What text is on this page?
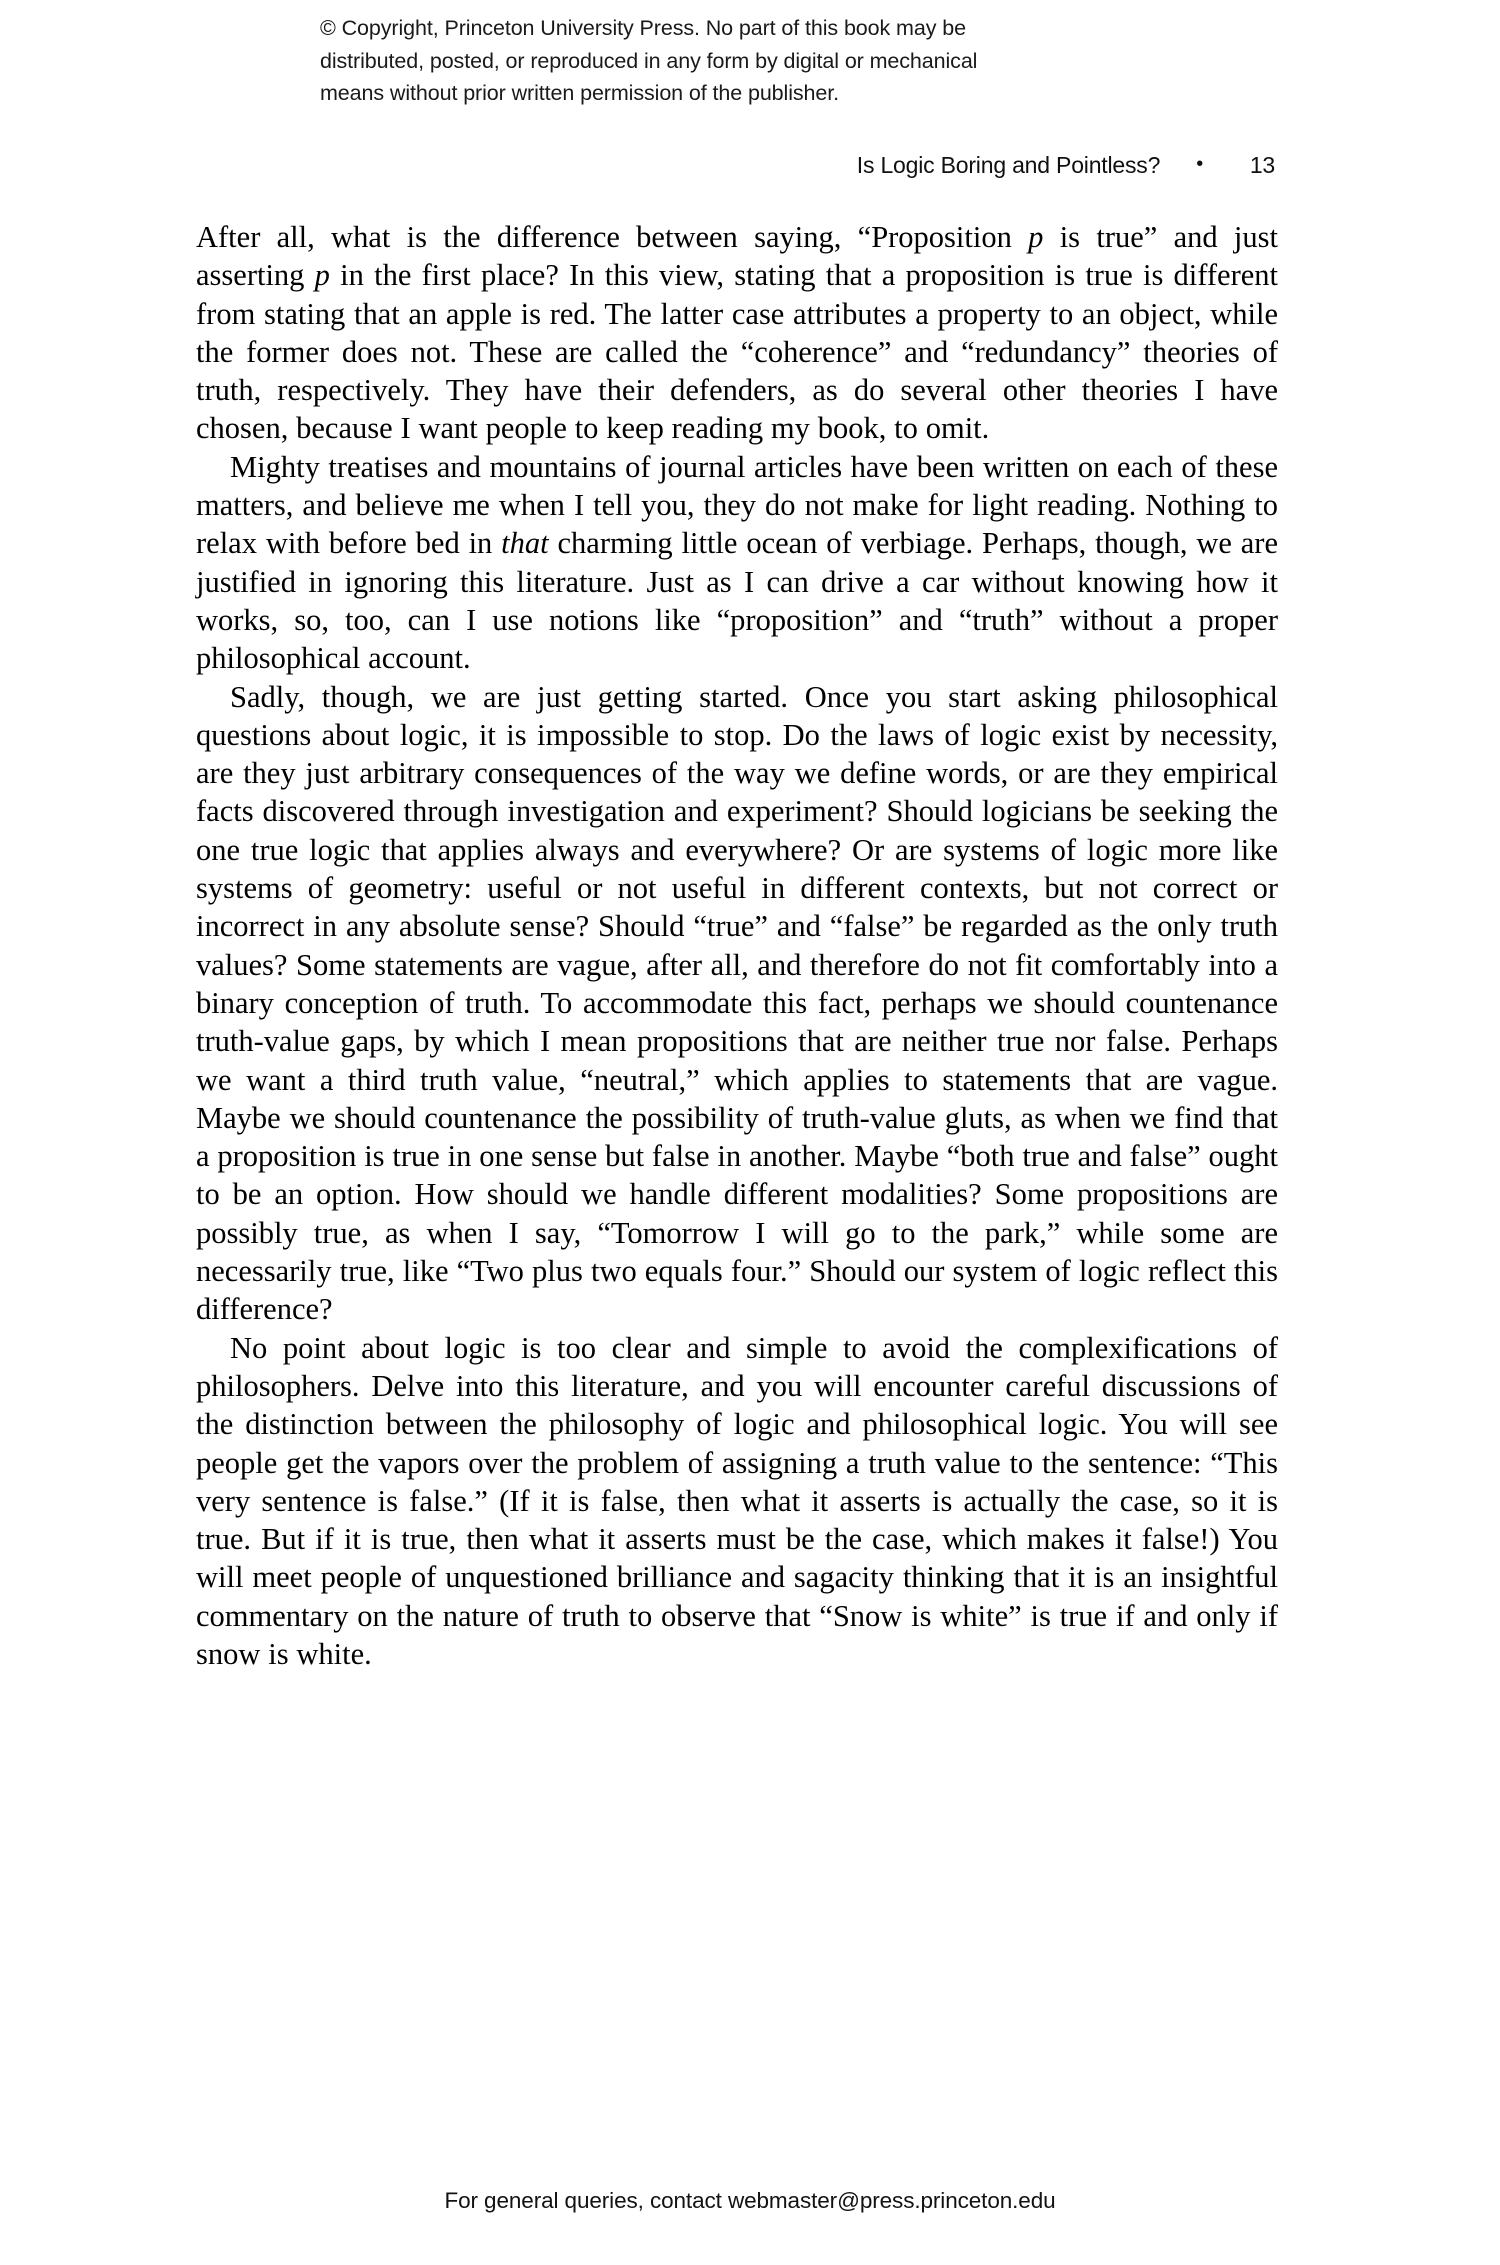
© Copyright, Princeton University Press. No part of this book may be
distributed, posted, or reproduced in any form by digital or mechanical
means without prior written permission of the publisher.
Is Logic Boring and Pointless? •	13

After all, what is the difference between saying, “Proposition p is true” and just asserting p in the first place? In this view, stating that a proposition is true is different from stating that an apple is red. The latter case attributes a property to an object, while the former does not. These are called the “coherence” and “redundancy” theories of truth, respectively. They have their defenders, as do several other theories I have chosen, because I want people to keep reading my book, to omit.

Mighty treatises and mountains of journal articles have been written on each of these matters, and believe me when I tell you, they do not make for light reading. Nothing to relax with before bed in that charming little ocean of verbiage. Perhaps, though, we are justified in ignoring this literature. Just as I can drive a car without knowing how it works, so, too, can I use notions like “proposition” and “truth” without a proper philosophical account.

Sadly, though, we are just getting started. Once you start asking philosophical questions about logic, it is impossible to stop. Do the laws of logic exist by necessity, are they just arbitrary consequences of the way we define words, or are they empirical facts discovered through investigation and experiment? Should logicians be seeking the one true logic that applies always and everywhere? Or are systems of logic more like systems of geometry: useful or not useful in different contexts, but not correct or incorrect in any absolute sense? Should “true” and “false” be regarded as the only truth values? Some statements are vague, after all, and therefore do not fit comfortably into a binary conception of truth. To accommodate this fact, perhaps we should countenance truth-value gaps, by which I mean propositions that are neither true nor false. Perhaps we want a third truth value, “neutral,” which applies to statements that are vague. Maybe we should countenance the possibility of truth-value gluts, as when we find that a proposition is true in one sense but false in another. Maybe “both true and false” ought to be an option. How should we handle different modalities? Some propositions are possibly true, as when I say, “Tomorrow I will go to the park,” while some are necessarily true, like “Two plus two equals four.” Should our system of logic reflect this difference?

No point about logic is too clear and simple to avoid the complexifications of philosophers. Delve into this literature, and you will encounter careful discussions of the distinction between the philosophy of logic and philosophical logic. You will see people get the vapors over the problem of assigning a truth value to the sentence: “This very sentence is false.” (If it is false, then what it asserts is actually the case, so it is true. But if it is true, then what it asserts must be the case, which makes it false!) You will meet people of unquestioned brilliance and sagacity thinking that it is an insightful commentary on the nature of truth to observe that “Snow is white” is true if and only if snow is white.

For general queries, contact webmaster@press.princeton.edu
